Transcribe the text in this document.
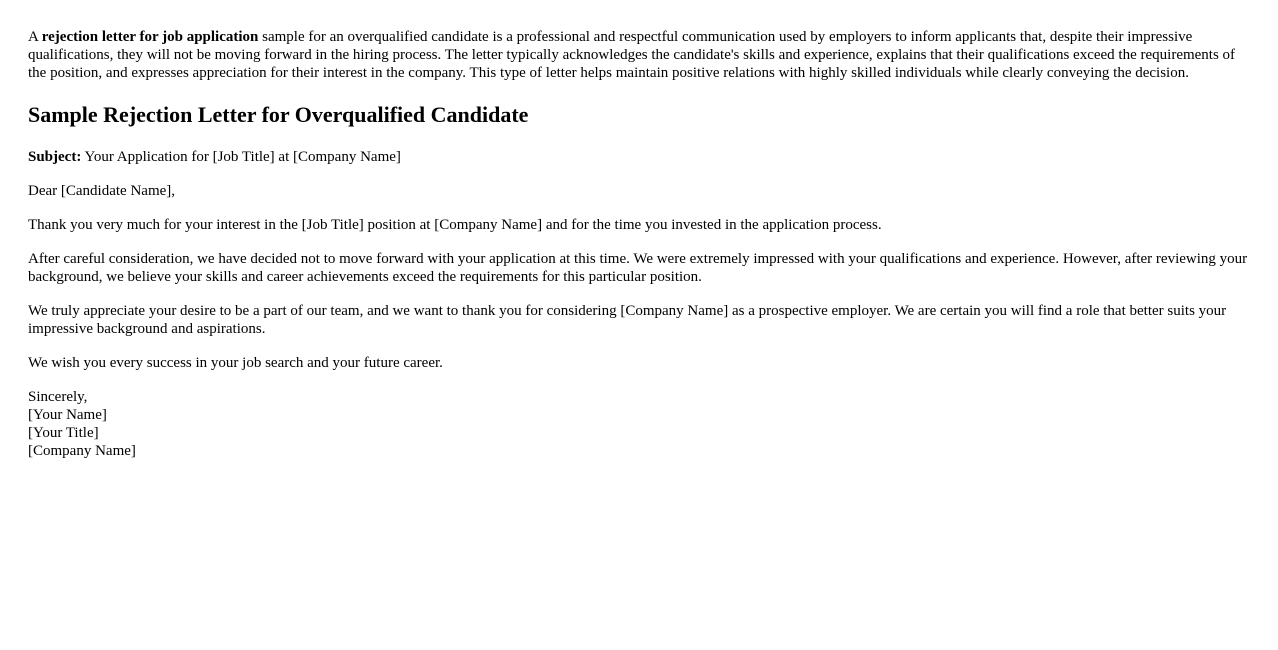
A rejection letter for job application sample for an overqualified candidate is a professional and respectful communication used by employers to inform applicants that, despite their impressive qualifications, they will not be moving forward in the hiring process. The letter typically acknowledges the candidate's skills and experience, explains that their qualifications exceed the requirements of the position, and expresses appreciation for their interest in the company. This type of letter helps maintain positive relations with highly skilled individuals while clearly conveying the decision.

Sample Rejection Letter for Overqualified Candidate

Subject: Your Application for [Job Title] at [Company Name]

Dear [Candidate Name],

Thank you very much for your interest in the [Job Title] position at [Company Name] and for the time you invested in the application process.

After careful consideration, we have decided not to move forward with your application at this time. We were extremely impressed with your qualifications and experience. However, after reviewing your background, we believe your skills and career achievements exceed the requirements for this particular position.

We truly appreciate your desire to be a part of our team, and we want to thank you for considering [Company Name] as a prospective employer. We are certain you will find a role that better suits your impressive background and aspirations.

We wish you every success in your job search and your future career.

Sincerely,
[Your Name]
[Your Title]
[Company Name]
